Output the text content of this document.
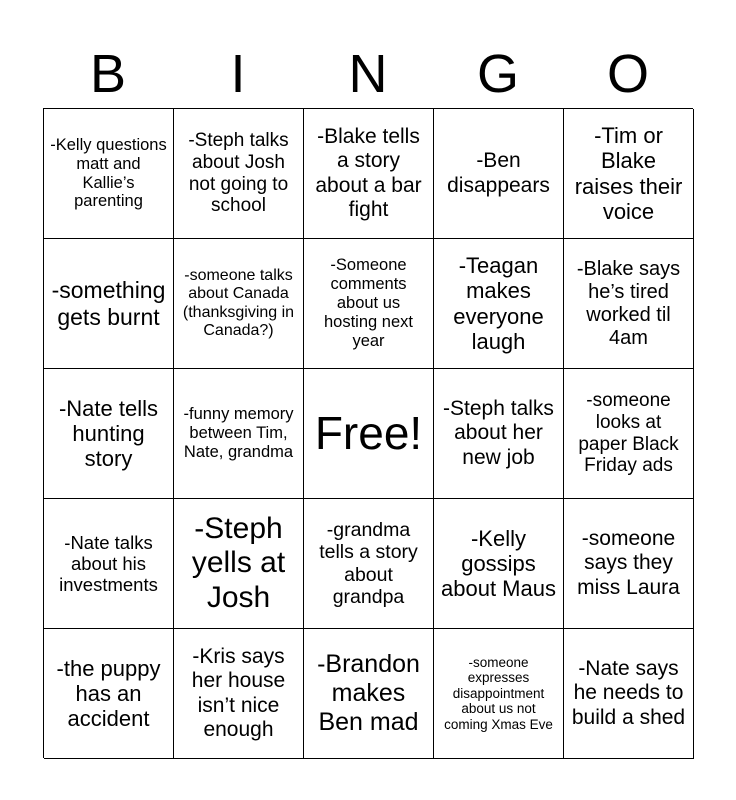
B	I	N	G	O
-Kelly questions matt and Kallie’s parenting
-Steph talks about Josh not going to school
-Blake tells a story about a bar fight
-Ben disappears
-Tim or Blake raises their voice
-something gets burnt
-someone talks about Canada (thanksgiving in Canada?)
-Someone comments about us hosting next year
-Teagan makes everyone laugh
-Blake says he’s tired worked til 4am
-Nate tells hunting story
-funny memory between Tim, Nate, grandma Free! -Steph talks about her new job
-someone looks at paper Black Friday ads
-Nate talks about his investments
-Steph yells at Josh
-grandma tells a story about grandpa
-Kelly gossips about Maus
-someone says they miss Laura
-the puppy has an accident
-Kris says her house isn’t nice enough
-Brandon makes Ben mad
-someone expresses disappointment about us not coming Xmas Eve
-Nate says he needs to build a shed
